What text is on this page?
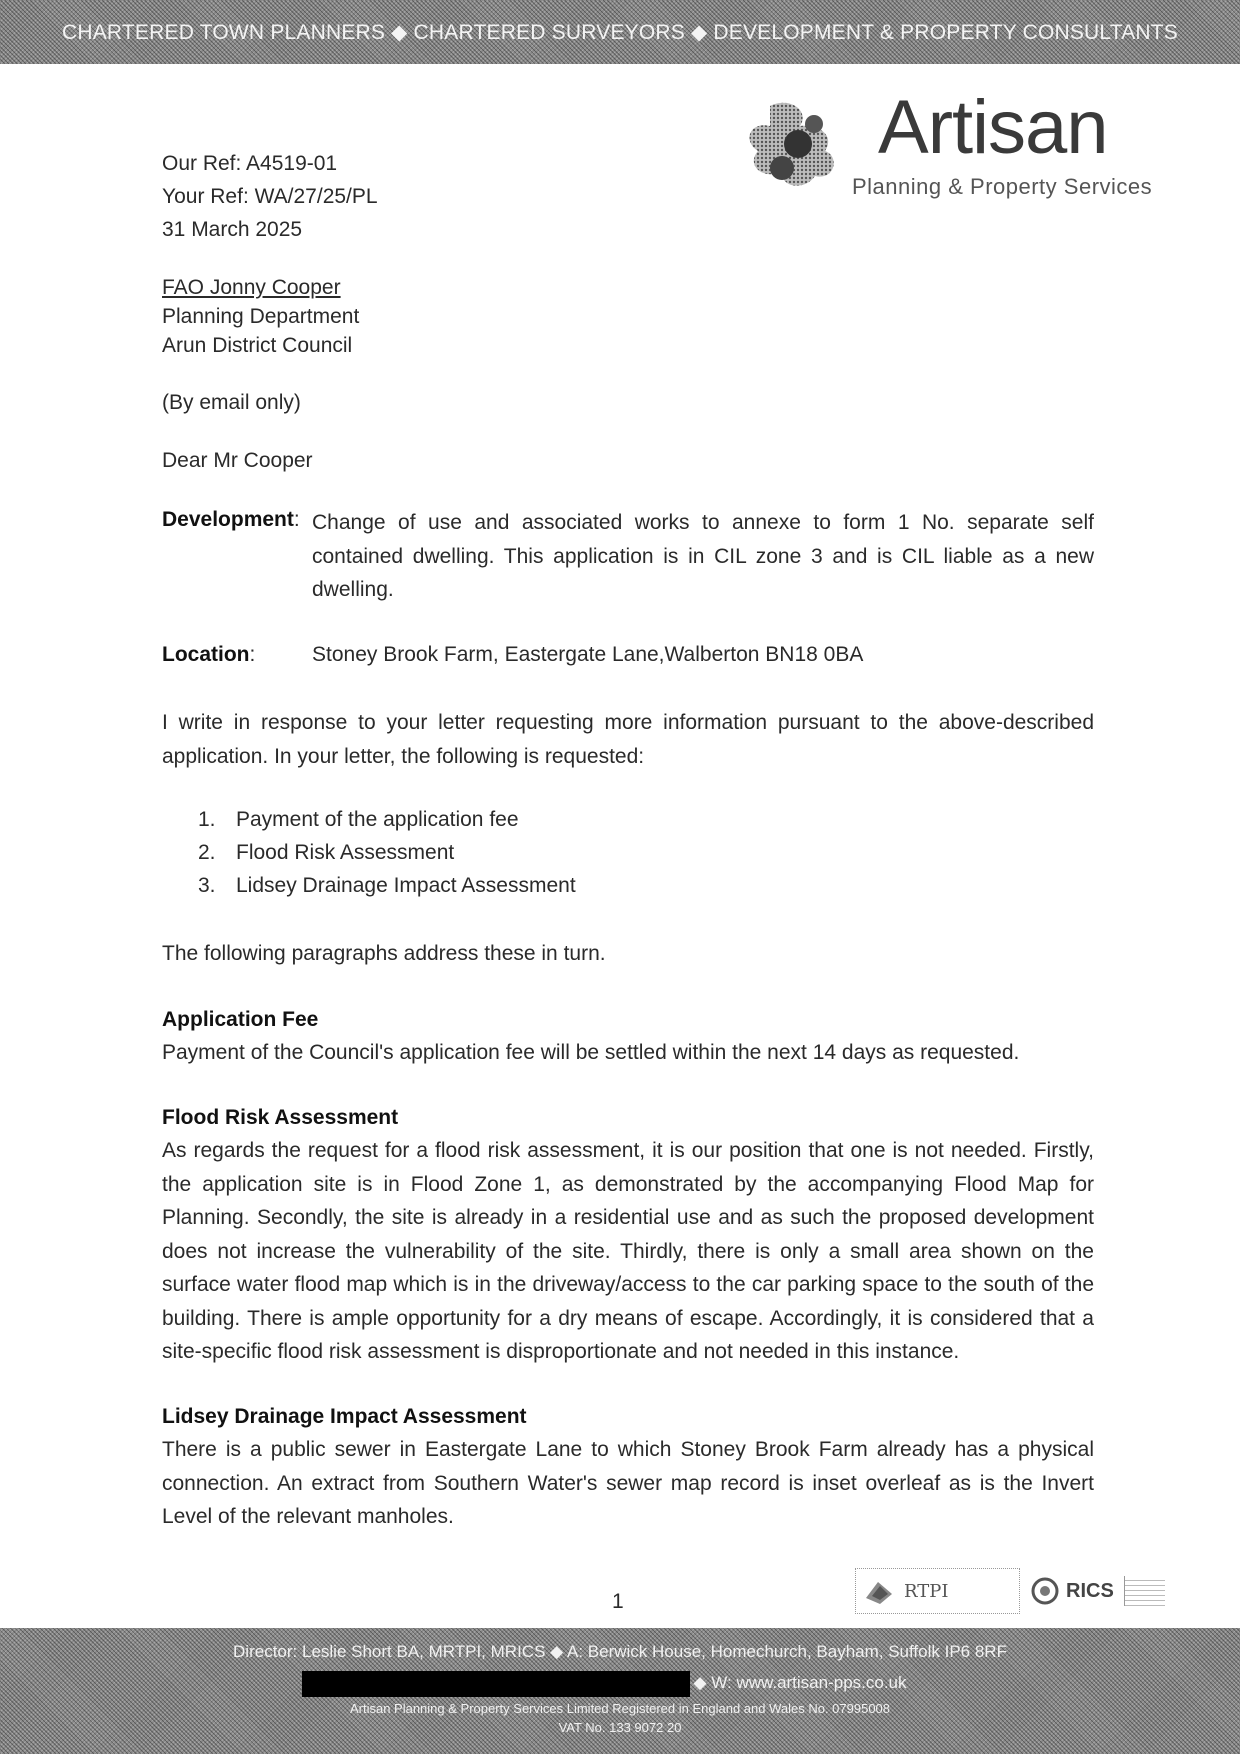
CHARTERED TOWN PLANNERS ◆ CHARTERED SURVEYORS ◆ DEVELOPMENT & PROPERTY CONSULTANTS
Artisan
Planning & Property Services
Our Ref: A4519-01
Your Ref: WA/27/25/PL
31 March 2025
FAO Jonny Cooper
Planning Department
Arun District Council
(By email only)
Dear Mr Cooper
Development: Change of use and associated works to annexe to form 1 No. separate self contained dwelling. This application is in CIL zone 3 and is CIL liable as a new dwelling.
Location:	Stoney Brook Farm, Eastergate Lane,Walberton BN18 0BA
I write in response to your letter requesting more information pursuant to the above-described application. In your letter, the following is requested:
1. Payment of the application fee
2. Flood Risk Assessment
3. Lidsey Drainage Impact Assessment
The following paragraphs address these in turn.
Application Fee
Payment of the Council's application fee will be settled within the next 14 days as requested.
Flood Risk Assessment
As regards the request for a flood risk assessment, it is our position that one is not needed. Firstly, the application site is in Flood Zone 1, as demonstrated by the accompanying Flood Map for Planning. Secondly, the site is already in a residential use and as such the proposed development does not increase the vulnerability of the site. Thirdly, there is only a small area shown on the surface water flood map which is in the driveway/access to the car parking space to the south of the building. There is ample opportunity for a dry means of escape. Accordingly, it is considered that a site-specific flood risk assessment is disproportionate and not needed in this instance.
Lidsey Drainage Impact Assessment
There is a public sewer in Eastergate Lane to which Stoney Brook Farm already has a physical connection. An extract from Southern Water's sewer map record is inset overleaf as is the Invert Level of the relevant manholes.
1	RTPI	RICS
Director: Leslie Short BA, MRTPI, MRICS ◆ A: Berwick House, Homechurch, Bayham, Suffolk IP6 8RF
◆ W: www.artisan-pps.co.uk
Artisan Planning & Property Services Limited Registered in England and Wales No. 07995008
VAT No. 133 9072 20
